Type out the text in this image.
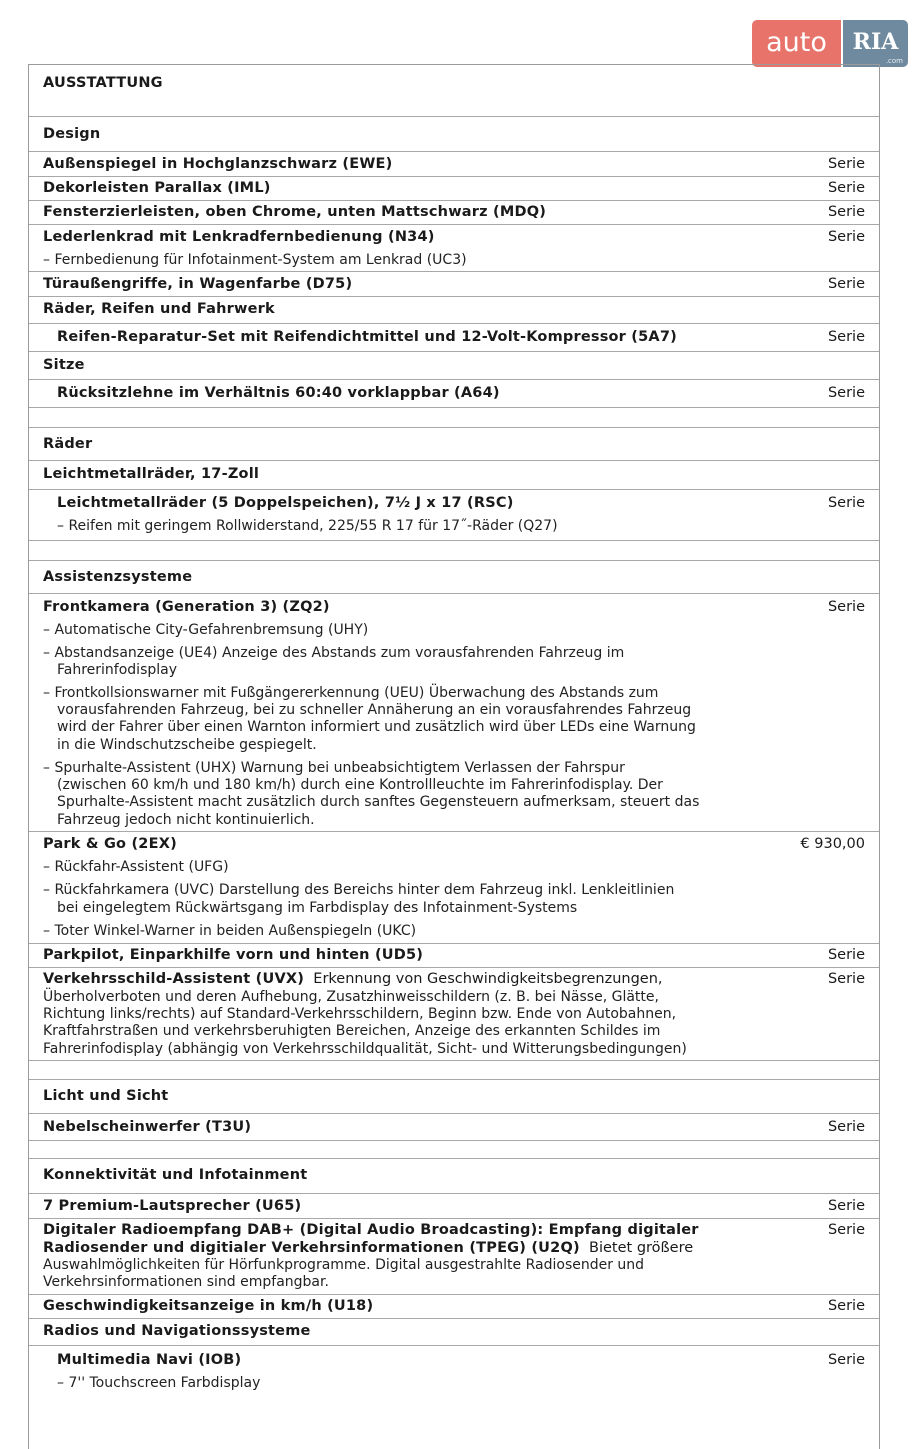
auto	RIA
.com
AUSSTATTUNG
Design
Außenspiegel in Hochglanzschwarz (EWE)	Serie
Dekorleisten Parallax (IML)	Serie
Fensterzierleisten, oben Chrome, unten Mattschwarz (MDQ)	Serie
Lederlenkrad mit Lenkradfernbedienung (N34)	Serie
– Fernbedienung für Infotainment-System am Lenkrad (UC3)
Türaußengriffe, in Wagenfarbe (D75)	Serie
Räder, Reifen und Fahrwerk
Reifen-Reparatur-Set mit Reifendichtmittel und 12-Volt-Kompressor (5A7)	Serie
Sitze
Rücksitzlehne im Verhältnis 60:40 vorklappbar (A64)	Serie
Räder
Leichtmetallräder, 17-Zoll
Leichtmetallräder (5 Doppelspeichen), 7½ J x 17 (RSC)	Serie
– Reifen mit geringem Rollwiderstand, 225/55 R 17 für 17˝-Räder (Q27)
Assistenzsysteme
Frontkamera (Generation 3) (ZQ2)	Serie
– Automatische City-Gefahrenbremsung (UHY)
– Abstandsanzeige (UE4) Anzeige des Abstands zum vorausfahrenden Fahrzeug im
Fahrerinfodisplay
– Frontkollsionswarner mit Fußgängererkennung (UEU) Überwachung des Abstands zum
vorausfahrenden Fahrzeug, bei zu schneller Annäherung an ein vorausfahrendes Fahrzeug
wird der Fahrer über einen Warnton informiert und zusätzlich wird über LEDs eine Warnung
in die Windschutzscheibe gespiegelt.
– Spurhalte-Assistent (UHX) Warnung bei unbeabsichtigtem Verlassen der Fahrspur
(zwischen 60 km/h und 180 km/h) durch eine Kontrollleuchte im Fahrerinfodisplay. Der
Spurhalte-Assistent macht zusätzlich durch sanftes Gegensteuern aufmerksam, steuert das
Fahrzeug jedoch nicht kontinuierlich.
Park & Go (2EX)	€ 930,00
– Rückfahr-Assistent (UFG)
– Rückfahrkamera (UVC) Darstellung des Bereichs hinter dem Fahrzeug inkl. Lenkleitlinien
bei eingelegtem Rückwärtsgang im Farbdisplay des Infotainment-Systems
– Toter Winkel-Warner in beiden Außenspiegeln (UKC)
Parkpilot, Einparkhilfe vorn und hinten (UD5)	Serie
Verkehrsschild-Assistent (UVX) Erkennung von Geschwindigkeitsbegrenzungen,	Serie
Überholverboten und deren Aufhebung, Zusatzhinweisschildern (z. B. bei Nässe, Glätte,
Richtung links/rechts) auf Standard-Verkehrsschildern, Beginn bzw. Ende von Autobahnen,
Kraftfahrstraßen und verkehrsberuhigten Bereichen, Anzeige des erkannten Schildes im
Fahrerinfodisplay (abhängig von Verkehrsschildqualität, Sicht- und Witterungsbedingungen)
Licht und Sicht
Nebelscheinwerfer (T3U)	Serie
Konnektivität und Infotainment
7 Premium-Lautsprecher (U65)	Serie
Digitaler Radioempfang DAB+ (Digital Audio Broadcasting): Empfang digitaler	Serie
Radiosender und digitialer Verkehrsinformationen (TPEG) (U2Q) Bietet größere
Auswahlmöglichkeiten für Hörfunkprogramme. Digital ausgestrahlte Radiosender und
Verkehrsinformationen sind empfangbar.
Geschwindigkeitsanzeige in km/h (U18)	Serie
Radios und Navigationssysteme
Multimedia Navi (IOB)	Serie
– 7'' Touchscreen Farbdisplay
